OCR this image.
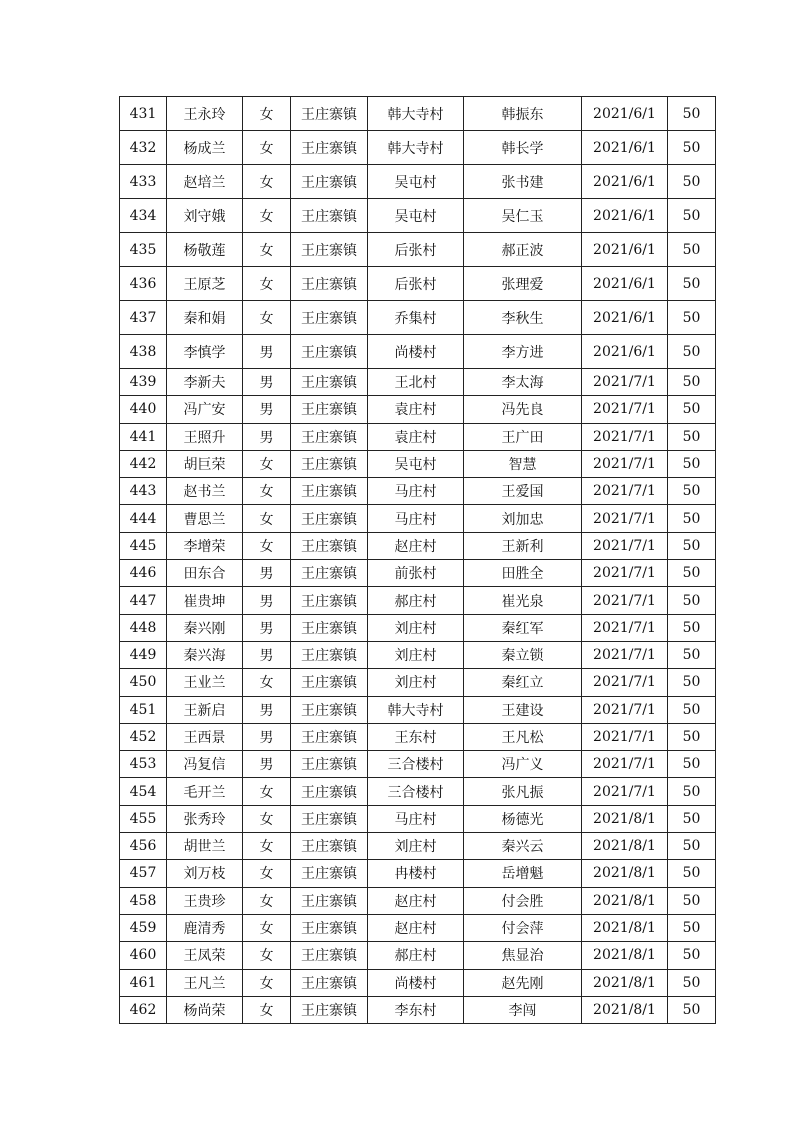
431	王永玲	女	王庄寨镇	韩大寺村	韩振东	2021/6/1	50
432	杨成兰	女	王庄寨镇	韩大寺村	韩长学	2021/6/1	50
433	赵培兰	女	王庄寨镇	吴屯村	张书建	2021/6/1	50
434	刘守娥	女	王庄寨镇	吴屯村	吴仁玉	2021/6/1	50
435	杨敬莲	女	王庄寨镇	后张村	郝正波	2021/6/1	50
436	王原芝	女	王庄寨镇	后张村	张理爱	2021/6/1	50
437	秦和娟	女	王庄寨镇	乔集村	李秋生	2021/6/1	50
438	李慎学	男	王庄寨镇	尚楼村	李方进	2021/6/1	50
439	李新夫	男	王庄寨镇	王北村	李太海	2021/7/1	50
440	冯广安	男	王庄寨镇	袁庄村	冯先良	2021/7/1	50
441	王照升	男	王庄寨镇	袁庄村	王广田	2021/7/1	50
442	胡巨荣	女	王庄寨镇	吴屯村	智慧	2021/7/1	50
443	赵书兰	女	王庄寨镇	马庄村	王爱国	2021/7/1	50
444	曹思兰	女	王庄寨镇	马庄村	刘加忠	2021/7/1	50
445	李增荣	女	王庄寨镇	赵庄村	王新利	2021/7/1	50
446	田东合	男	王庄寨镇	前张村	田胜全	2021/7/1	50
447	崔贵坤	男	王庄寨镇	郝庄村	崔光泉	2021/7/1	50
448	秦兴刚	男	王庄寨镇	刘庄村	秦红军	2021/7/1	50
449	秦兴海	男	王庄寨镇	刘庄村	秦立锁	2021/7/1	50
450	王业兰	女	王庄寨镇	刘庄村	秦红立	2021/7/1	50
451	王新启	男	王庄寨镇	韩大寺村	王建设	2021/7/1	50
452	王西景	男	王庄寨镇	王东村	王凡松	2021/7/1	50
453	冯复信	男	王庄寨镇	三合楼村	冯广义	2021/7/1	50
454	毛开兰	女	王庄寨镇	三合楼村	张凡振	2021/7/1	50
455	张秀玲	女	王庄寨镇	马庄村	杨德光	2021/8/1	50
456	胡世兰	女	王庄寨镇	刘庄村	秦兴云	2021/8/1	50
457	刘万枝	女	王庄寨镇	冉楼村	岳增魁	2021/8/1	50
458	王贵珍	女	王庄寨镇	赵庄村	付会胜	2021/8/1	50
459	鹿清秀	女	王庄寨镇	赵庄村	付会萍	2021/8/1	50
460	王凤荣	女	王庄寨镇	郝庄村	焦显治	2021/8/1	50
461	王凡兰	女	王庄寨镇	尚楼村	赵先刚	2021/8/1	50
462	杨尚荣	女	王庄寨镇	李东村	李闯	2021/8/1	50
